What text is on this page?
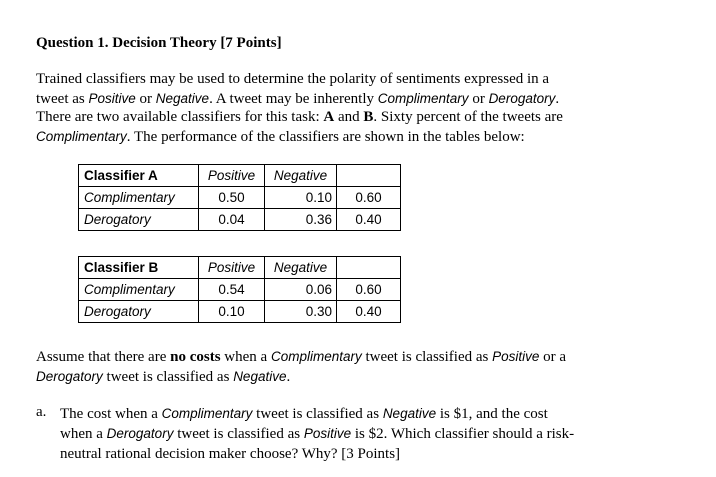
Question 1. Decision Theory [7 Points]
Trained classifiers may be used to determine the polarity of sentiments expressed in a
tweet as Positive or Negative. A tweet may be inherently Complimentary or Derogatory.
There are two available classifiers for this task: A and B. Sixty percent of the tweets are
Complimentary. The performance of the classifiers are shown in the tables below:
Classifier A	Positive	Negative	
Complimentary	0.50	0.10	0.60
Derogatory	0.04	0.36	0.40
Classifier B	Positive	Negative	
Complimentary	0.54	0.06	0.60
Derogatory	0.10	0.30	0.40
Assume that there are no costs when a Complimentary tweet is classified as Positive or a
Derogatory tweet is classified as Negative.
a. The cost when a Complimentary tweet is classified as Negative is $1, and the cost
when a Derogatory tweet is classified as Positive is $2. Which classifier should a risk-
neutral rational decision maker choose? Why? [3 Points]
